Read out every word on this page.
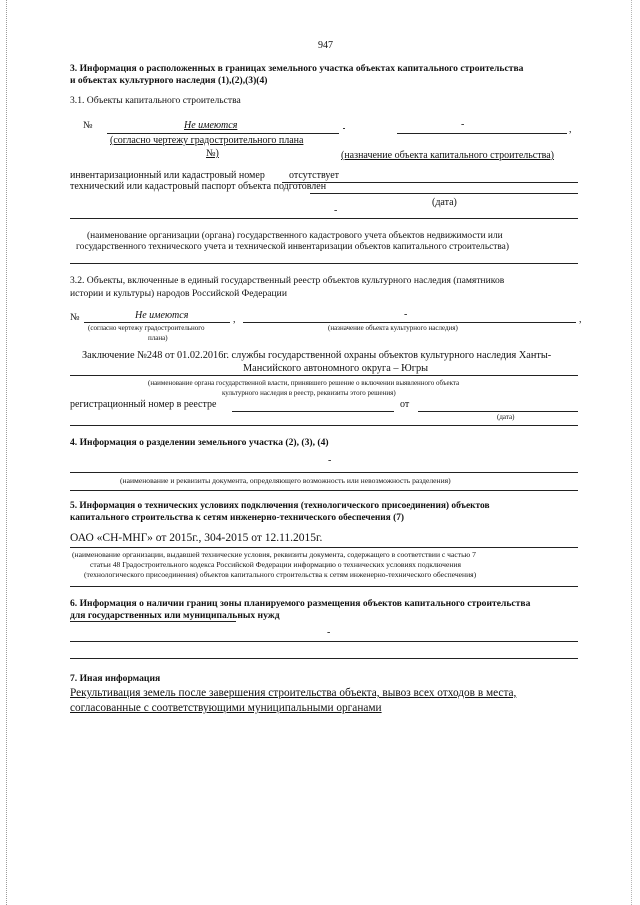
947
3. Информация о расположенных в границах земельного участка объектах капитального строительства
и объектах культурного наследия (1),(2),(3)(4)
3.1. Объекты капитального строительства
№	Не имеются	-	,
(согласно чертежу градостроительного плана
№)	(назначение объекта капитального строительства)
инвентаризационный или кадастровый номер отсутствует
технический или кадастровый паспорт объекта подготовлен
(дата)
-
(наименование организации (органа) государственного кадастрового учета объектов недвижимости или
государственного технического учета и технической инвентаризации объектов капитального строительства)
3.2. Объекты, включенные в единый государственный реестр объектов культурного наследия (памятников
истории и культуры) народов Российской Федерации
№	Не имеются	,	-	,
(согласно чертежу градостроительного
плана)
(назначение объекта культурного наследия)
Заключение №248 от 01.02.2016г. службы государственной охраны объектов культурного наследия Ханты-
Мансийского автономного округа – Югры
(наименование органа государственной власти, принявшего решение о включении выявленного объекта
культурного наследия в реестр, реквизиты этого решения)
регистрационный номер в реестре	от
(дата)
4. Информация о разделении земельного участка (2), (3), (4)
-
(наименование и реквизиты документа, определяющего возможность или невозможность разделения)
5. Информация о технических условиях подключения (технологического присоединения) объектов
капитального строительства к сетям инженерно-технического обеспечения (7)
ОАО «СН-МНГ» от 2015г., 304-2015 от 12.11.2015г.
(наименование организации, выдавшей технические условия, реквизиты документа, содержащего в соответствии с частью 7
статьи 48 Градостроительного кодекса Российской Федерации информацию о технических условиях подключения
(технологического присоединения) объектов капитального строительства к сетям инженерно-технического обеспечения)
6. Информация о наличии границ зоны планируемого размещения объектов капитального строительства
для государственных или муниципальных нужд
-
7. Иная информация
Рекультивация земель после завершения строительства объекта, вывоз всех отходов в места,
согласованные с соответствующими муниципальными органами
